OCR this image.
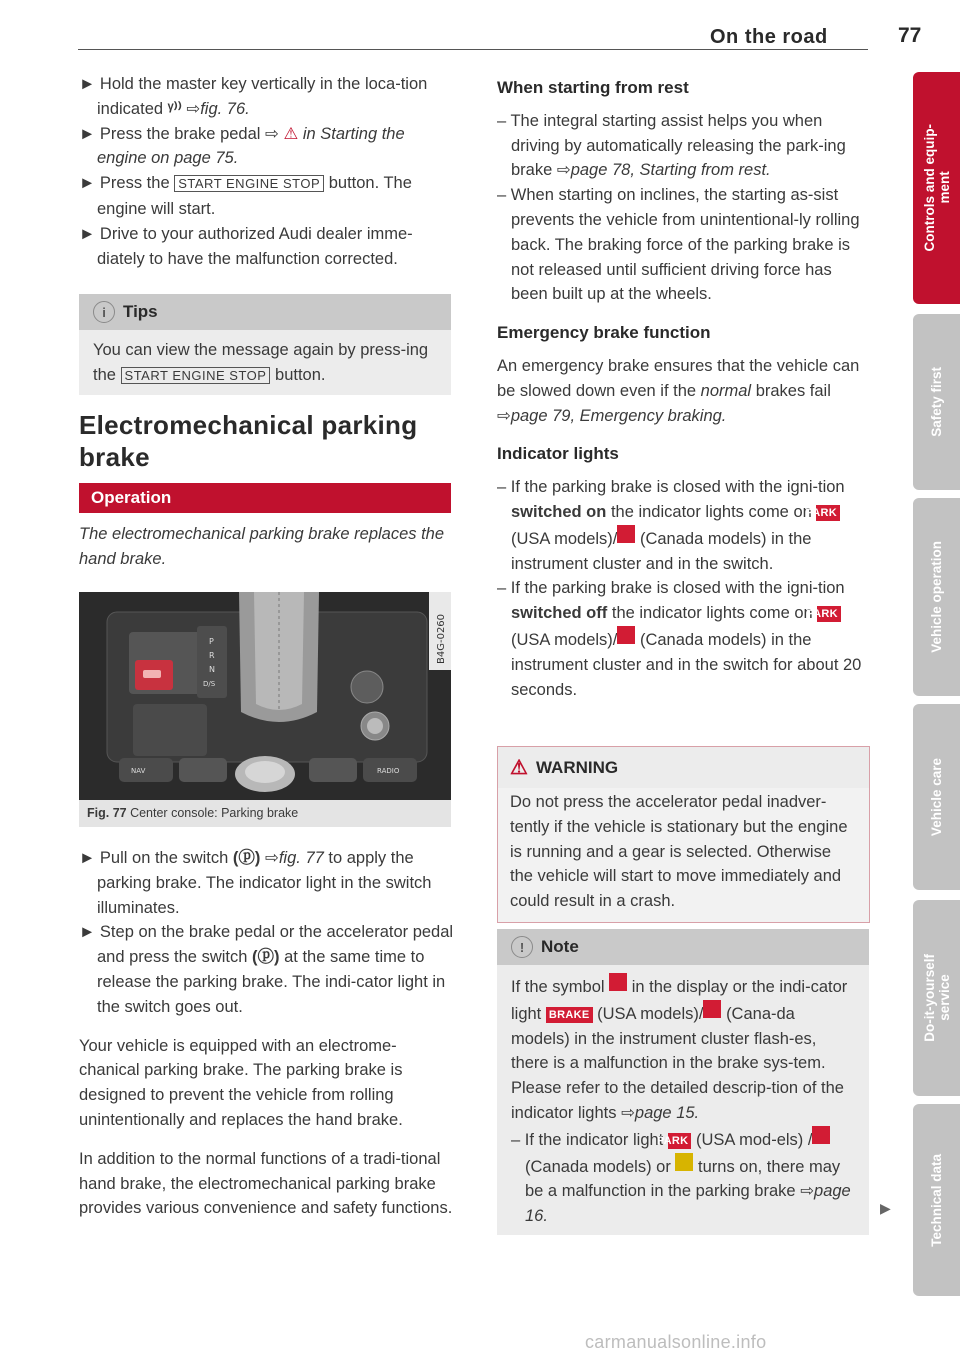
On the road	77

► Hold the master key vertically in the loca-tion indicated ᵞ⁾⁾ ⇨fig. 76.

► Press the brake pedal ⇨ ⚠ in Starting the engine on page 75.

► Press the START ENGINE STOP button. The engine will start.

► Drive to your authorized Audi dealer imme-diately to have the malfunction corrected.

i	Tips
You can view the message again by press-ing the START ENGINE STOP button.
Electromechanical parking brake
Operation
The electromechanical parking brake replaces the hand brake.
P
R
N
D/S
NAV	RADIO
B4G-0260
Fig. 77 Center console: Parking brake

► Pull on the switch (ⓟ) ⇨fig. 77 to apply the parking brake. The indicator light in the switch illuminates.

► Step on the brake pedal or the accelerator pedal and press the switch (ⓟ) at the same time to release the parking brake. The indi-cator light in the switch goes out.

Your vehicle is equipped with an electrome-chanical parking brake. The parking brake is designed to prevent the vehicle from rolling unintentionally and replaces the hand brake.

In addition to the normal functions of a tradi-tional hand brake, the electromechanical parking brake provides various convenience and safety functions.

When starting from rest

– The integral starting assist helps you when driving by automatically releasing the park-ing brake ⇨page 78, Starting from rest.

– When starting on inclines, the starting as-sist prevents the vehicle from unintentional-ly rolling back. The braking force of the parking brake is not released until sufficient driving force has been built up at the wheels.

Emergency brake function

An emergency brake ensures that the vehicle can be slowed down even if the normal brakes fail ⇨page 79, Emergency braking.

Indicator lights

– If the parking brake is closed with the igni-tion switched on the indicator lights come on PARK (USA models)/ (Canada models) in the instrument cluster and in the switch.

– If the parking brake is closed with the igni-tion switched off the indicator lights come on PARK (USA models)/ (Canada models) in the instrument cluster and in the switch for about 20 seconds.

⚠ WARNING
Do not press the accelerator pedal inadver-tently if the vehicle is stationary but the engine is running and a gear is selected. Otherwise the vehicle will start to move immediately and could result in a crash.
! Note

If the symbol in the display or the indi-cator light BRAKE (USA models)/ (Cana-da models) in the instrument cluster flash-es, there is a malfunction in the brake sys-tem. Please refer to the detailed descrip-tion of the indicator lights ⇨page 15.

– If the indicator light PARK (USA mod-els) / (Canada models) or turns on, there may be a malfunction in the parking brake ⇨page 16.	▶
Controls and equip-
ment
Safety first
Vehicle operation
Vehicle care
Do-it-yourself
service
Technical data
carmanualsonline.info
